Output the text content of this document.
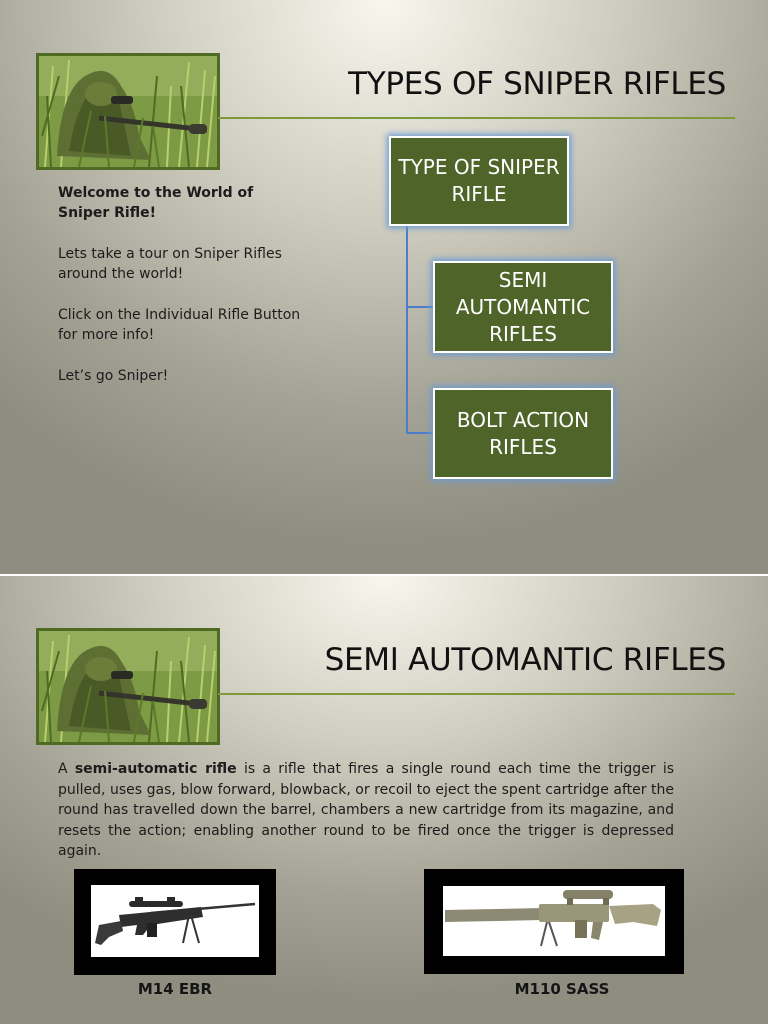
TYPES OF SNIPER RIFLES

Welcome to the World of Sniper Rifle!

Lets take a tour on Sniper Rifles around the world!

Click on the Individual Rifle Button for more info!

Let’s go Sniper!

TYPE OF SNIPER RIFLE
SEMI AUTOMANTIC RIFLES
BOLT ACTION RIFLES
SEMI AUTOMANTIC RIFLES

A semi-automatic rifle is a rifle that fires a single round each time the trigger is pulled, uses gas, blow forward, blowback, or recoil to eject the spent cartridge after the round has travelled down the barrel, chambers a new cartridge from its magazine, and resets the action; enabling another round to be fired once the trigger is depressed again.

M14 EBR	M110 SASS
